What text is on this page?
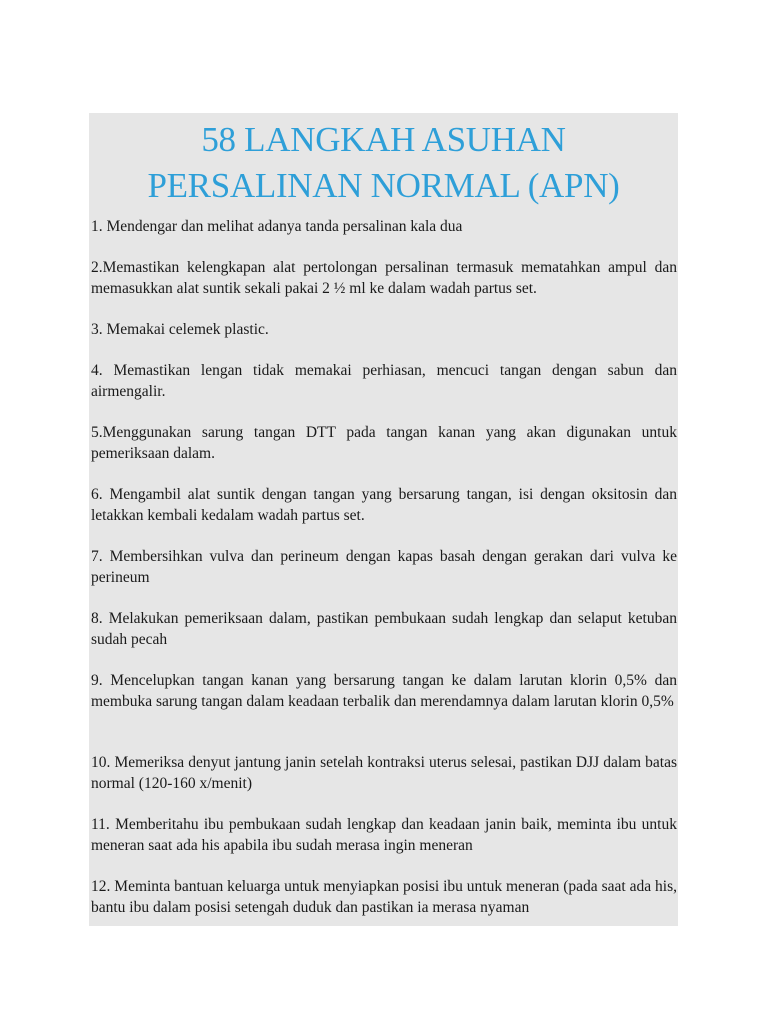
58 LANGKAH ASUHAN
PERSALINAN NORMAL (APN)
1. Mendengar dan melihat adanya tanda persalinan kala dua
2.Memastikan kelengkapan alat pertolongan persalinan termasuk mematahkan ampul dan memasukkan alat suntik sekali pakai 2 ½ ml ke dalam wadah partus set.
3. Memakai celemek plastic.
4. Memastikan lengan tidak memakai perhiasan, mencuci tangan dengan sabun dan airmengalir.
5.Menggunakan sarung tangan DTT pada tangan kanan yang akan digunakan untuk pemeriksaan dalam.
6. Mengambil alat suntik dengan tangan yang bersarung tangan, isi dengan oksitosin dan letakkan kembali kedalam wadah partus set.
7. Membersihkan vulva dan perineum dengan kapas basah dengan gerakan dari vulva ke perineum
8. Melakukan pemeriksaan dalam, pastikan pembukaan sudah lengkap dan selaput ketuban sudah pecah
9. Mencelupkan tangan kanan yang bersarung tangan ke dalam larutan klorin 0,5% dan membuka sarung tangan dalam keadaan terbalik dan merendamnya dalam larutan klorin 0,5%
10. Memeriksa denyut jantung janin setelah kontraksi uterus selesai, pastikan DJJ dalam batas normal (120-160 x/menit)
11. Memberitahu ibu pembukaan sudah lengkap dan keadaan janin baik, meminta ibu untuk meneran saat ada his apabila ibu sudah merasa ingin meneran
12. Meminta bantuan keluarga untuk menyiapkan posisi ibu untuk meneran (pada saat ada his, bantu ibu dalam posisi setengah duduk dan pastikan ia merasa nyaman
